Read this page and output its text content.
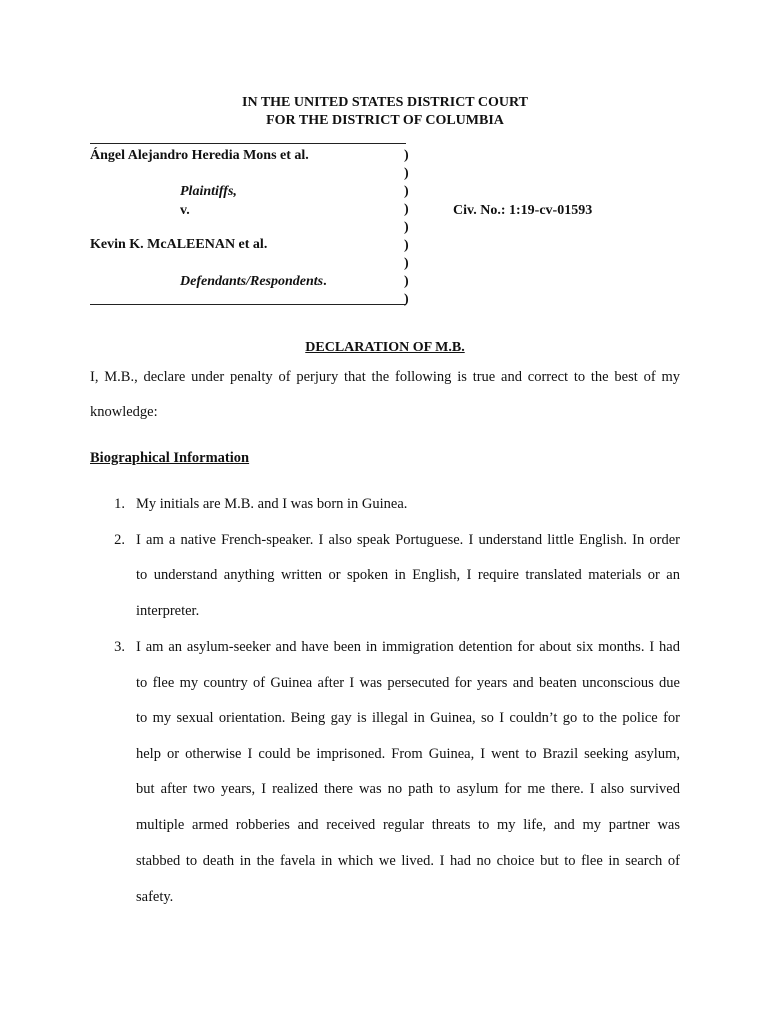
IN THE UNITED STATES DISTRICT COURT
FOR THE DISTRICT OF COLUMBIA
Ángel Alejandro Heredia Mons et al.
Plaintiffs,
v.
Kevin K. McALEENAN et al.
Defendants/Respondents.
)
)
)
)
)
)
)
)
)
Civ. No.: 1:19-cv-01593
DECLARATION OF M.B.
I, M.B., declare under penalty of perjury that the following is true and correct to the best of my
knowledge:
Biographical Information
1. My initials are M.B. and I was born in Guinea.
2. I am a native French-speaker. I also speak Portuguese. I understand little English. In order
to understand anything written or spoken in English, I require translated materials or an
interpreter.
3. I am an asylum-seeker and have been in immigration detention for about six months. I had
to flee my country of Guinea after I was persecuted for years and beaten unconscious due
to my sexual orientation. Being gay is illegal in Guinea, so I couldn’t go to the police for
help or otherwise I could be imprisoned. From Guinea, I went to Brazil seeking asylum,
but after two years, I realized there was no path to asylum for me there. I also survived
multiple armed robberies and received regular threats to my life, and my partner was
stabbed to death in the favela in which we lived. I had no choice but to flee in search of
safety.
